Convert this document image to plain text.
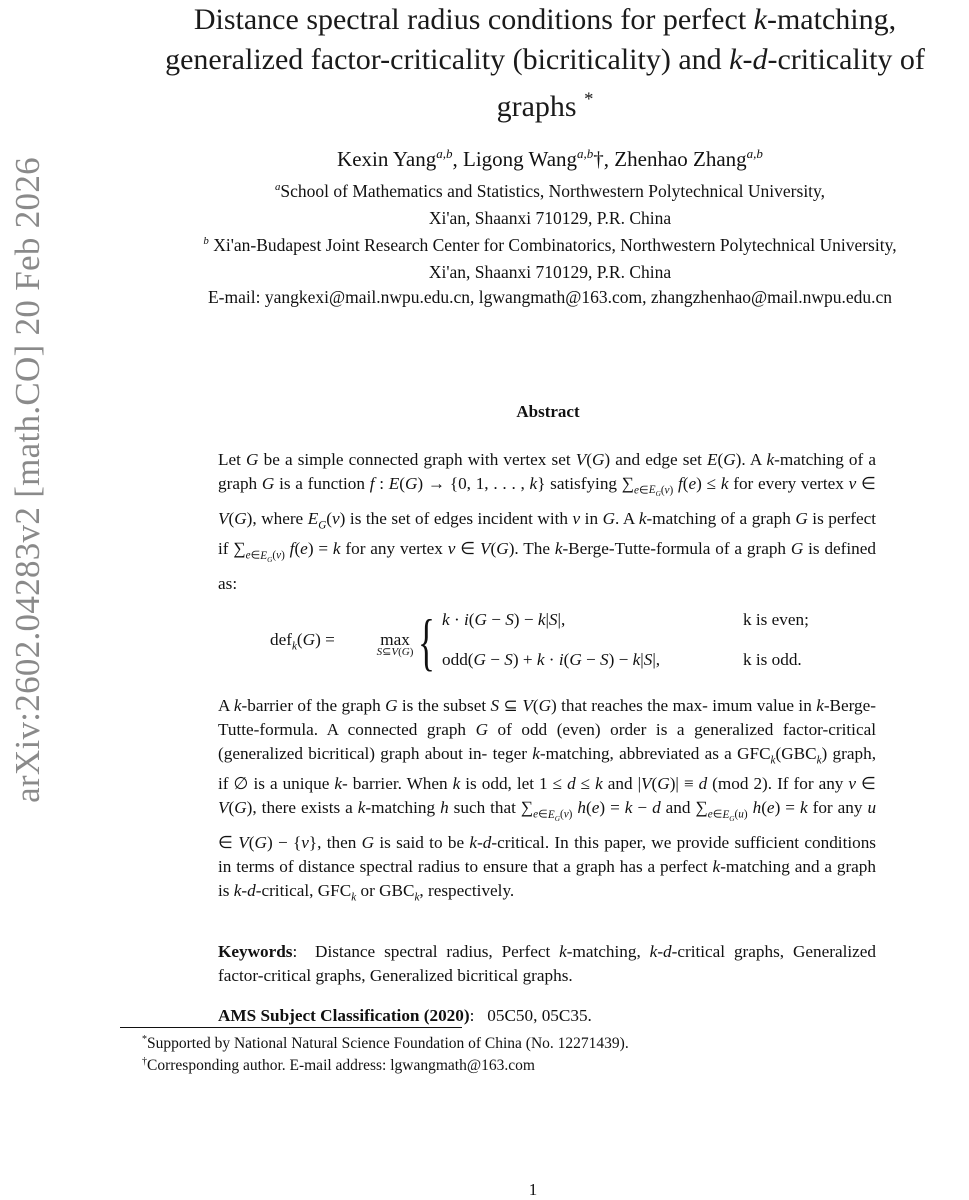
arXiv:2602.04283v2 [math.CO] 20 Feb 2026
Distance spectral radius conditions for perfect k-matching,
generalized factor-criticality (bicriticality) and k-d-criticality of
graphs *
Kexin Yang$^{a,b}$, Ligong Wang$^{a,b}$†, Zhenhao Zhang$^{a,b}$
$^a$School of Mathematics and Statistics, Northwestern Polytechnical University,
Xi'an, Shaanxi 710129, P.R. China
$^b$ Xi'an-Budapest Joint Research Center for Combinatorics, Northwestern Polytechnical University,
Xi'an, Shaanxi 710129, P.R. China
E-mail: yangkexi@mail.nwpu.edu.cn, lgwangmath@163.com, zhangzhenhao@mail.nwpu.edu.cn
Abstract
Let G be a simple connected graph with vertex set V(G) and edge set E(G). A k-matching of a graph G is a function f : E(G) → {0, 1, . . . , k} satisfying $\sum_{e\in E_G(v)}$ f(e) ≤ k for every vertex v ∈ V(G), where $E_G(v)$ is the set of edges incident with v in G. A k-matching of a graph G is perfect if $\sum_{e\in E_G(v)}$ f(e) = k for any vertex v ∈ V(G). The k-Berge-Tutte-formula of a graph G is defined as:
def$_k$(G) =	max
S⊆V(G) { k · i(G − S) − k|S|,
odd(G − S) + k · i(G − S) − k|S|,
k is even;
k is odd.
A k-barrier of the graph G is the subset S ⊆ V(G) that reaches the max- imum value in k-Berge-Tutte-formula. A connected graph G of odd (even) order is a generalized factor-critical (generalized bicritical) graph about in- teger k-matching, abbreviated as a $GFC_k(GBC_k)$ graph, if ∅ is a unique k- barrier. When k is odd, let 1 ≤ d ≤ k and |V(G)| ≡ d (mod 2). If for any v ∈ V(G), there exists a k-matching h such that $\sum_{e\in E_G(v)}$ h(e) = k − d and $\sum_{e\in E_G(u)}$ h(e) = k for any u ∈ V(G) − {v}, then G is said to be k-d-critical. In this paper, we provide sufficient conditions in terms of distance spectral radius to ensure that a graph has a perfect k-matching and a graph is k-d-critical, $GFC_k$ or $GBC_k$, respectively.
Keywords:  Distance spectral radius, Perfect k-matching, k-d-critical graphs, Generalized factor-critical graphs, Generalized bicritical graphs.
AMS Subject Classification (2020):   05C50, 05C35.
*Supported by National Natural Science Foundation of China (No. 12271439).
†Corresponding author. E-mail address: lgwangmath@163.com
1
